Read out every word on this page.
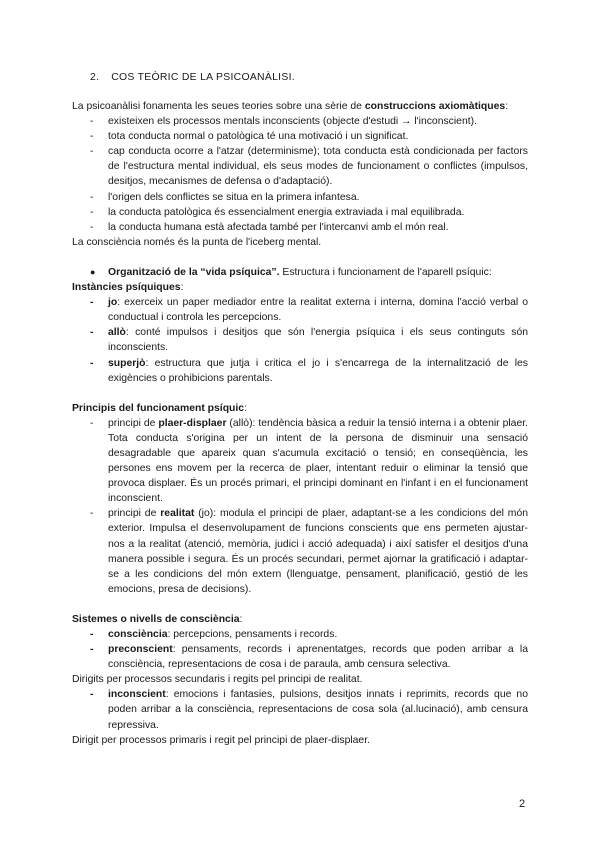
2. COS TEÒRIC DE LA PSICOANÀLISI.

La psicoanàlisi fonamenta les seues teories sobre una sèrie de construccions axiomàtiques:

- existeixen els processos mentals inconscients (objecte d'estudi → l'inconscient).
- tota conducta normal o patològica té una motivació i un significat.
- cap conducta ocorre a l'atzar (determinisme); tota conducta està condicionada per factors de l'estructura mental individual, els seus modes de funcionament o conflictes (impulsos, desitjos, mecanismes de defensa o d'adaptació).
- l'origen dels conflictes se situa en la primera infantesa.
- la conducta patològica és essencialment energia extraviada i mal equilibrada.
- la conducta humana està afectada també per l'intercanvi amb el món real.

La consciència només és la punta de l'iceberg mental.

● Organització de la “vida psíquica”. Estructura i funcionament de l'aparell psíquic:

Instàncies psíquiques:

- jo: exerceix un paper mediador entre la realitat externa i interna, domina l'acció verbal o conductual i controla les percepcions.
- allò: conté impulsos i desitjos que són l'energia psíquica i els seus continguts són inconscients.
- superjò: estructura que jutja i critica el jo i s'encarrega de la internalització de les exigències o prohibicions parentals.

Principis del funcionament psíquic:

- principi de plaer-displaer (allò): tendència bàsica a reduir la tensió interna i a obtenir plaer. Tota conducta s'origina per un intent de la persona de disminuir una sensació desagradable que apareix quan s'acumula excitació o tensió; en conseqüència, les persones ens movem per la recerca de plaer, intentant reduir o eliminar la tensió que provoca displaer. És un procés primari, el principi dominant en l'infant i en el funcionament inconscient.
- principi de realitat (jo): modula el principi de plaer, adaptant-se a les condicions del món exterior. Impulsa el desenvolupament de funcions conscients que ens permeten ajustar-nos a la realitat (atenció, memòria, judici i acció adequada) i així satisfer el desitjos d'una manera possible i segura. És un procés secundari, permet ajornar la gratificació i adaptar-se a les condicions del món extern (llenguatge, pensament, planificació, gestió de les emocions, presa de decisions).

Sistemes o nivells de consciència:

- consciència: percepcions, pensaments i records.
- preconscient: pensaments, records i aprenentatges, records que poden arribar a la consciència, representacions de cosa i de paraula, amb censura selectiva.

Dirigits per processos secundaris i regits pel principi de realitat.

- inconscient: emocions i fantasies, pulsions, desitjos innats i reprimits, records que no poden arribar a la consciència, representacions de cosa sola (al.lucinació), amb censura repressiva.

Dirigit per processos primaris i regit pel principi de plaer-displaer.

2
